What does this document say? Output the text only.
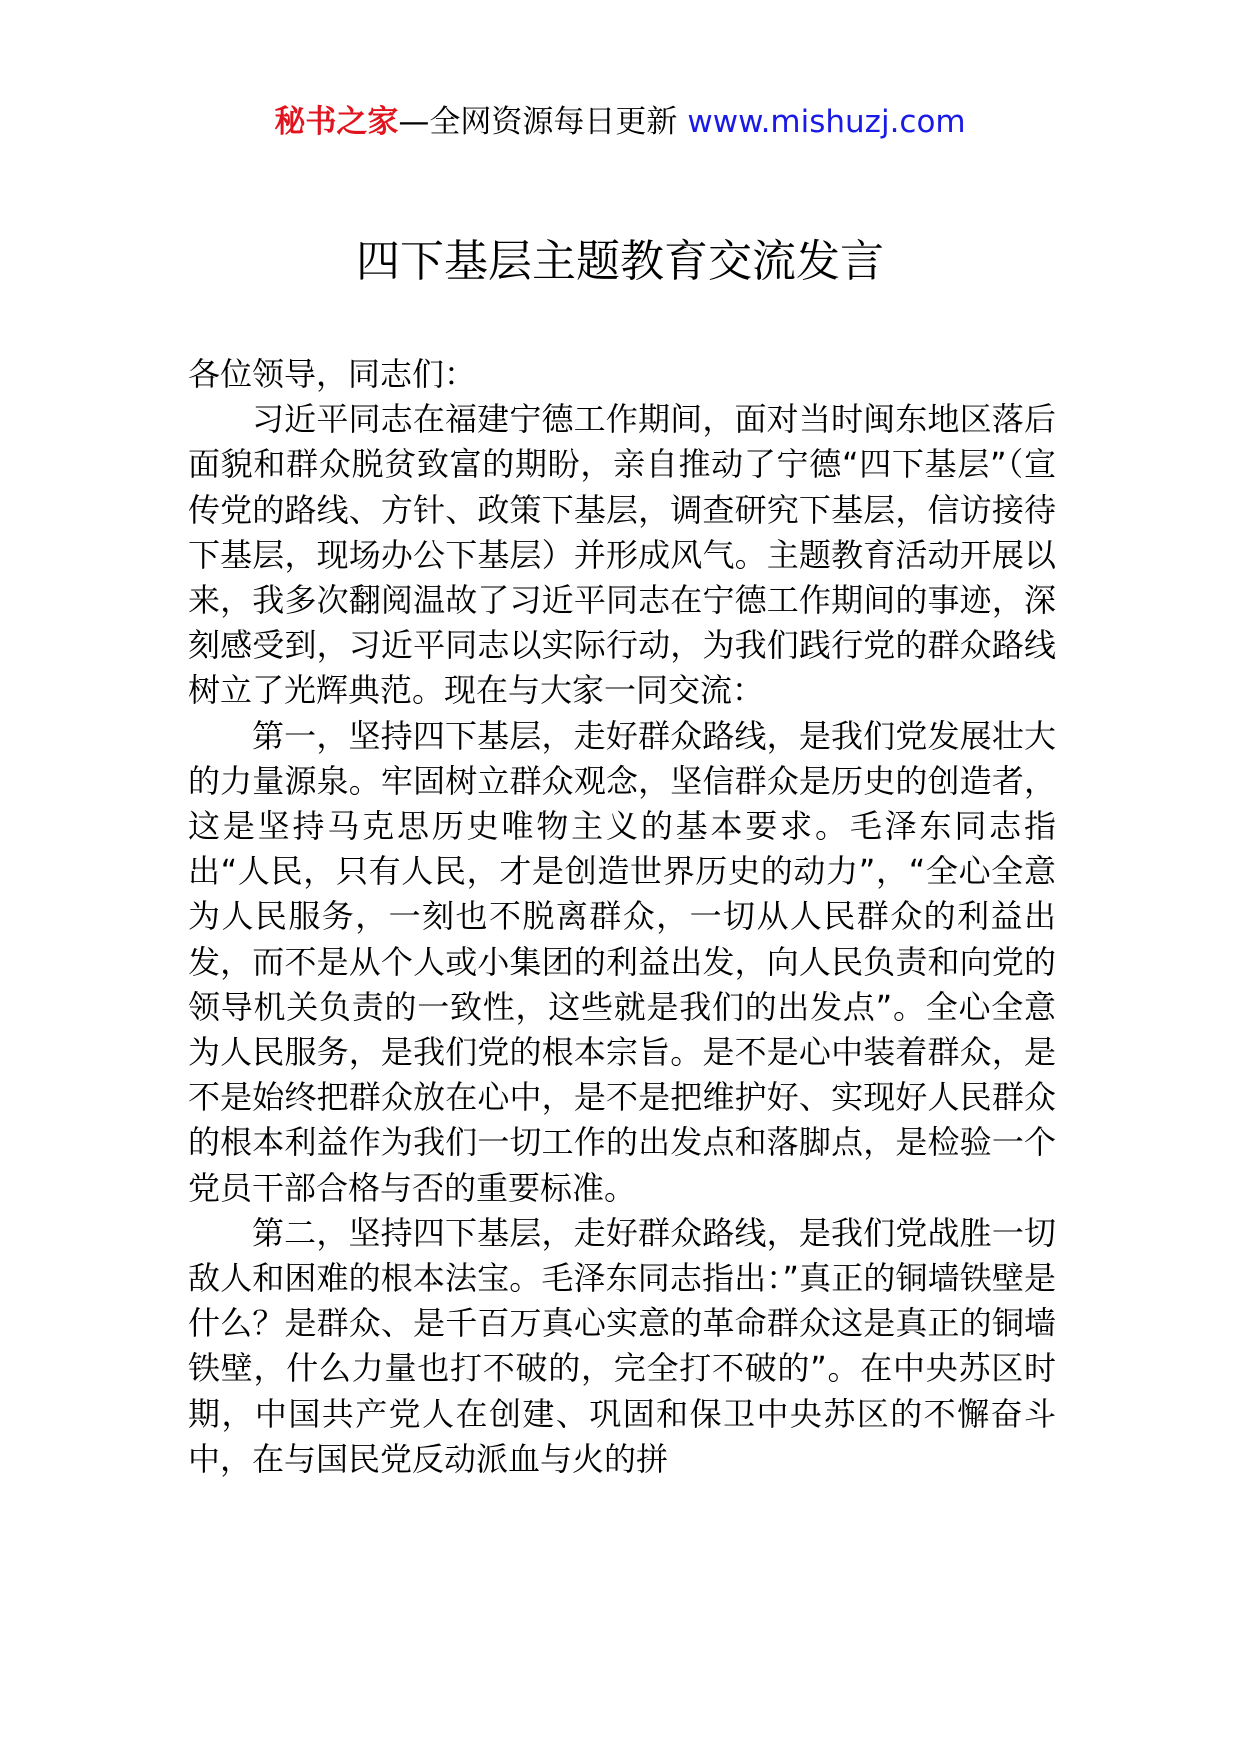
秘书之家—全网资源每日更新 www.mishuzj.com
四下基层主题教育交流发言

各位领导，同志们：

习近平同志在福建宁德工作期间，面对当时闽东地区落后面貌和群众脱贫致富的期盼，亲自推动了宁德“四下基层”（宣传党的路线、方针、政策下基层，调查研究下基层，信访接待下基层，现场办公下基层）并形成风气。主题教育活动开展以来，我多次翻阅温故了习近平同志在宁德工作期间的事迹，深刻感受到，习近平同志以实际行动，为我们践行党的群众路线树立了光辉典范。现在与大家一同交流：

第一，坚持四下基层，走好群众路线，是我们党发展壮大的力量源泉。牢固树立群众观念，坚信群众是历史的创造者，这是坚持马克思历史唯物主义的基本要求。毛泽东同志指出“人民，只有人民，才是创造世界历史的动力”，“全心全意为人民服务，一刻也不脱离群众，一切从人民群众的利益出发，而不是从个人或小集团的利益出发，向人民负责和向党的领导机关负责的一致性，这些就是我们的出发点”。全心全意为人民服务，是我们党的根本宗旨。是不是心中装着群众，是不是始终把群众放在心中，是不是把维护好、实现好人民群众的根本利益作为我们一切工作的出发点和落脚点，是检验一个党员干部合格与否的重要标准。

第二，坚持四下基层，走好群众路线，是我们党战胜一切敌人和困难的根本法宝。毛泽东同志指出：”真正的铜墙铁壁是什么？是群众、是千百万真心实意的革命群众这是真正的铜墙铁壁，什么力量也打不破的，完全打不破的”。在中央苏区时期，中国共产党人在创建、巩固和保卫中央苏区的不懈奋斗中，在与国民党反动派血与火的拼
